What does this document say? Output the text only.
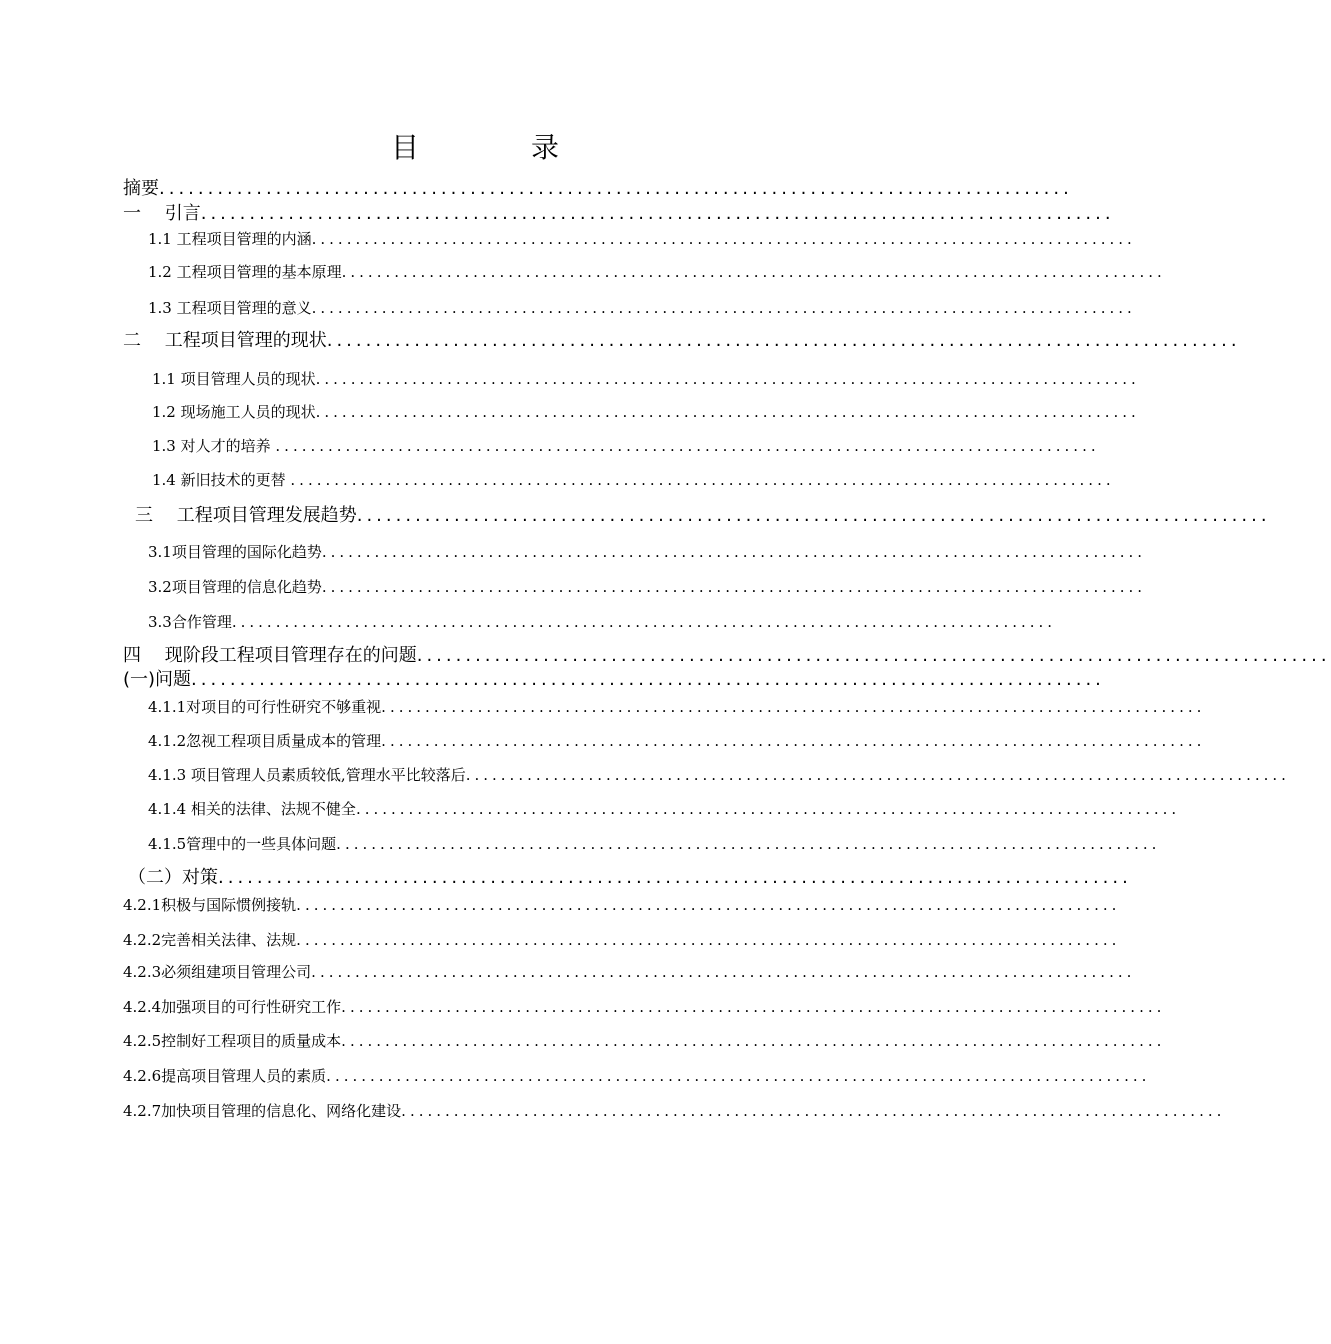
目	录
摘要..............................................................................................
一　 引言..............................................................................................
1.1 工程项目管理的内涵..............................................................................................
1.2 工程项目管理的基本原理..............................................................................................
1.3 工程项目管理的意义..............................................................................................
二　 工程项目管理的现状..............................................................................................
1.1 项目管理人员的现状..............................................................................................
1.2 现场施工人员的现状..............................................................................................
1.3 对人才的培养 ..............................................................................................
1.4 新旧技术的更替 ..............................................................................................
三　 工程项目管理发展趋势..............................................................................................
3.1项目管理的国际化趋势..............................................................................................
3.2项目管理的信息化趋势..............................................................................................
3.3合作管理..............................................................................................
四　 现阶段工程项目管理存在的问题..............................................................................................
(一)问题..............................................................................................
4.1.1对项目的可行性研究不够重视..............................................................................................
4.1.2忽视工程项目质量成本的管理..............................................................................................
4.1.3 项目管理人员素质较低,管理水平比较落后..............................................................................................
4.1.4 相关的法律、法规不健全..............................................................................................
4.1.5管理中的一些具体问题..............................................................................................
（二）对策..............................................................................................
4.2.1积极与国际惯例接轨..............................................................................................
4.2.2完善相关法律、法规..............................................................................................
4.2.3必须组建项目管理公司..............................................................................................
4.2.4加强项目的可行性研究工作..............................................................................................
4.2.5控制好工程项目的质量成本..............................................................................................
4.2.6提高项目管理人员的素质..............................................................................................
4.2.7加快项目管理的信息化、网络化建设..............................................................................................
